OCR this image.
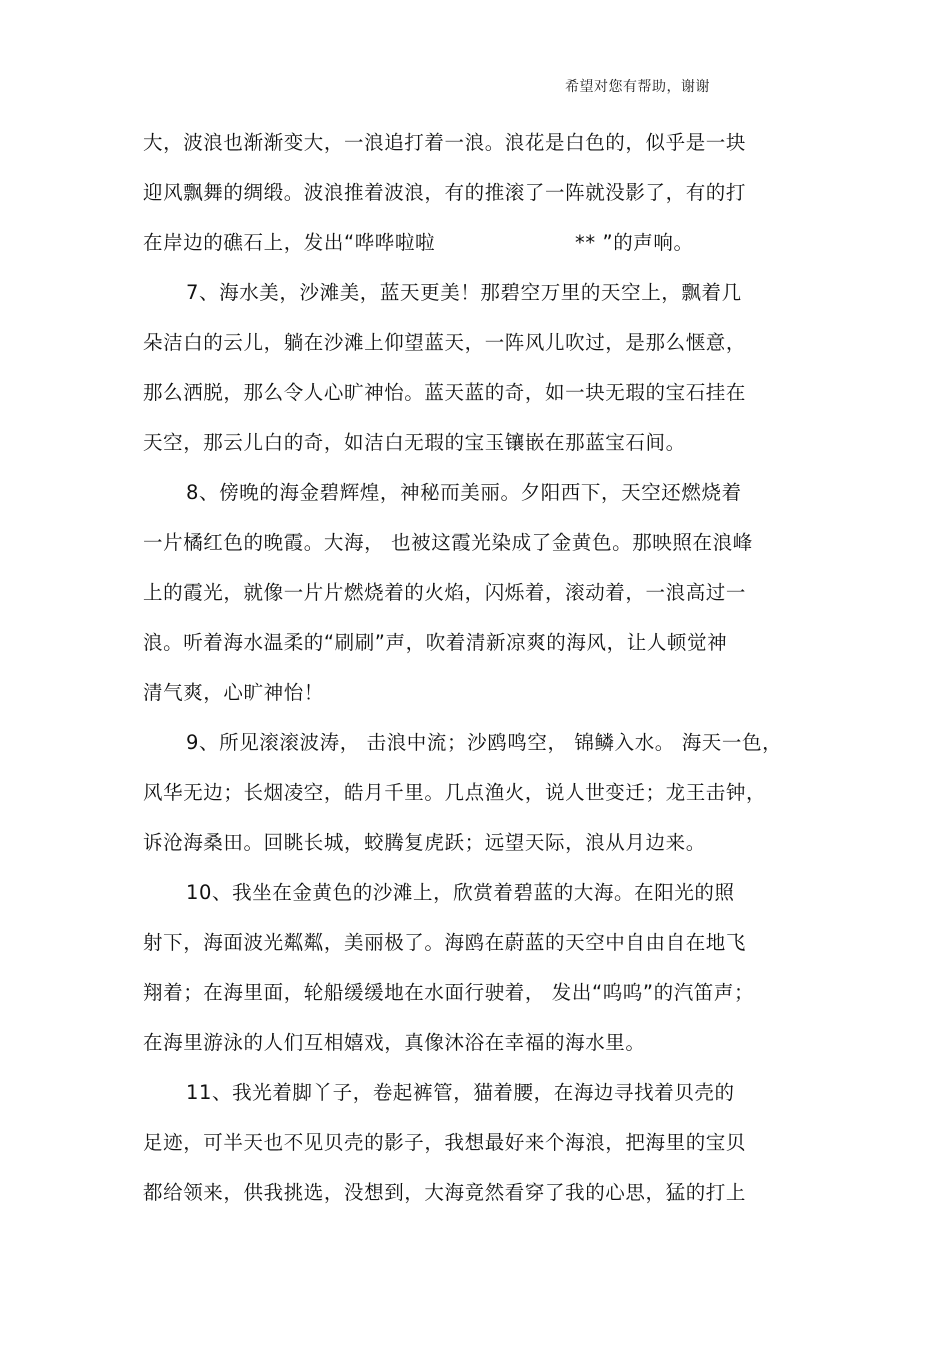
希望对您有帮助，谢谢
大，波浪也渐渐变大，一浪追打着一浪。浪花是白色的，似乎是一块
迎风飘舞的绸缎。波浪推着波浪，有的推滚了一阵就没影了，有的打
在岸边的礁石上，发出“哗哗啦啦	** ”的声响。
7、海水美，沙滩美，蓝天更美！那碧空万里的天空上，飘着几
朵洁白的云儿，躺在沙滩上仰望蓝天，一阵风儿吹过，是那么惬意，
那么洒脱，那么令人心旷神怡。蓝天蓝的奇，如一块无瑕的宝石挂在
天空，那云儿白的奇，如洁白无瑕的宝玉镶嵌在那蓝宝石间。
8、傍晚的海金碧辉煌，神秘而美丽。夕阳西下，天空还燃烧着
一片橘红色的晚霞。大海， 也被这霞光染成了金黄色。那映照在浪峰
上的霞光，就像一片片燃烧着的火焰，闪烁着，滚动着，一浪高过一
浪。听着海水温柔的“刷刷”声，吹着清新凉爽的海风，让人顿觉神
清气爽，心旷神怡！
9、所见滚滚波涛， 击浪中流；沙鸥鸣空， 锦鳞入水。 海天一色，
风华无边；长烟凌空，皓月千里。几点渔火，说人世变迁；龙王击钟，
诉沧海桑田。回眺长城，蛟腾复虎跃；远望天际，浪从月边来。
10、我坐在金黄色的沙滩上，欣赏着碧蓝的大海。在阳光的照
射下，海面波光粼粼，美丽极了。海鸥在蔚蓝的天空中自由自在地飞
翔着；在海里面，轮船缓缓地在水面行驶着， 发出“呜呜”的汽笛声；
在海里游泳的人们互相嬉戏，真像沐浴在幸福的海水里。
11、我光着脚丫子，卷起裤管，猫着腰，在海边寻找着贝壳的
足迹，可半天也不见贝壳的影子，我想最好来个海浪，把海里的宝贝
都给领来，供我挑选，没想到，大海竟然看穿了我的心思，猛的打上
